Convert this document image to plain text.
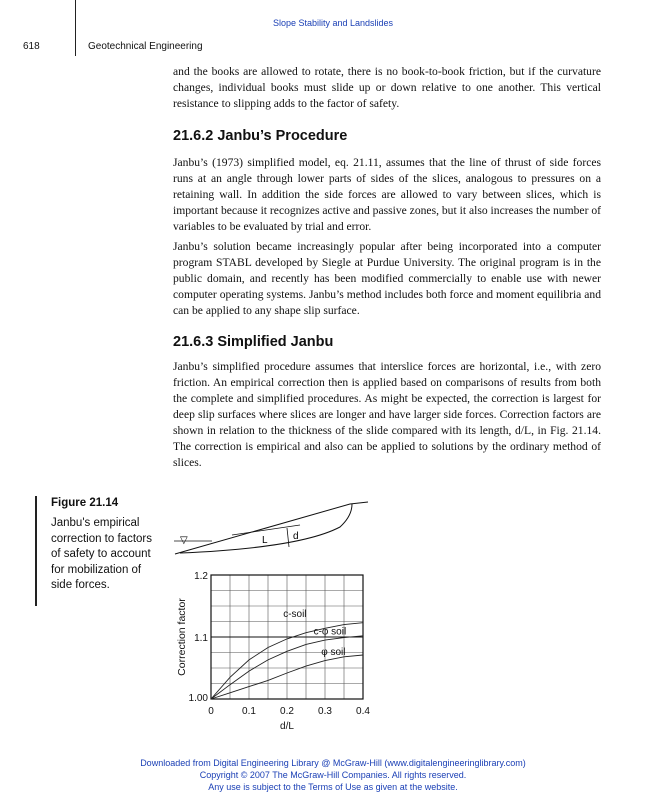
Slope Stability and Landslides
618	Geotechnical Engineering

and the books are allowed to rotate, there is no book-to-book friction, but if the curvature changes, individual books must slide up or down relative to one another. This vertical resistance to slipping adds to the factor of safety.

21.6.2 Janbu’s Procedure

Janbu’s (1973) simplified model, eq. 21.11, assumes that the line of thrust of side forces runs at an angle through lower parts of sides of the slices, analogous to pressures on a retaining wall. In addition the side forces are allowed to vary between slices, which is important because it recognizes active and passive zones, but it also increases the number of variables to be evaluated by trial and error.

Janbu’s solution became increasingly popular after being incorporated into a computer program STABL developed by Siegle at Purdue University. The original program is in the public domain, and recently has been modified commercially to enable use with newer computer operating systems. Janbu’s method includes both force and moment equilibria and can be applied to any shape slip surface.

21.6.3 Simplified Janbu

Janbu’s simplified procedure assumes that interslice forces are horizontal, i.e., with zero friction. An empirical correction then is applied based on comparisons of results from both the complete and simplified procedures. As might be expected, the correction is largest for deep slip surfaces where slices are longer and have larger side forces. Correction factors are shown in relation to the thickness of the slide compared with its length, d/L, in Fig. 21.14. The correction is empirical and also can be applied to solutions by the ordinary method of slices.

Figure 21.14
Janbu's empirical correction to factors of safety to account for mobilization of side forces.
▽	L	d
c-soil
c-φ soil
φ soil
0	0.1 0.2 0.3 0.4
1.00
1.1
1.2
d/L
Correction factor
Downloaded from Digital Engineering Library @ McGraw-Hill (www.digitalengineeringlibrary.com)
Copyright © 2007 The McGraw-Hill Companies. All rights reserved.
Any use is subject to the Terms of Use as given at the website.
